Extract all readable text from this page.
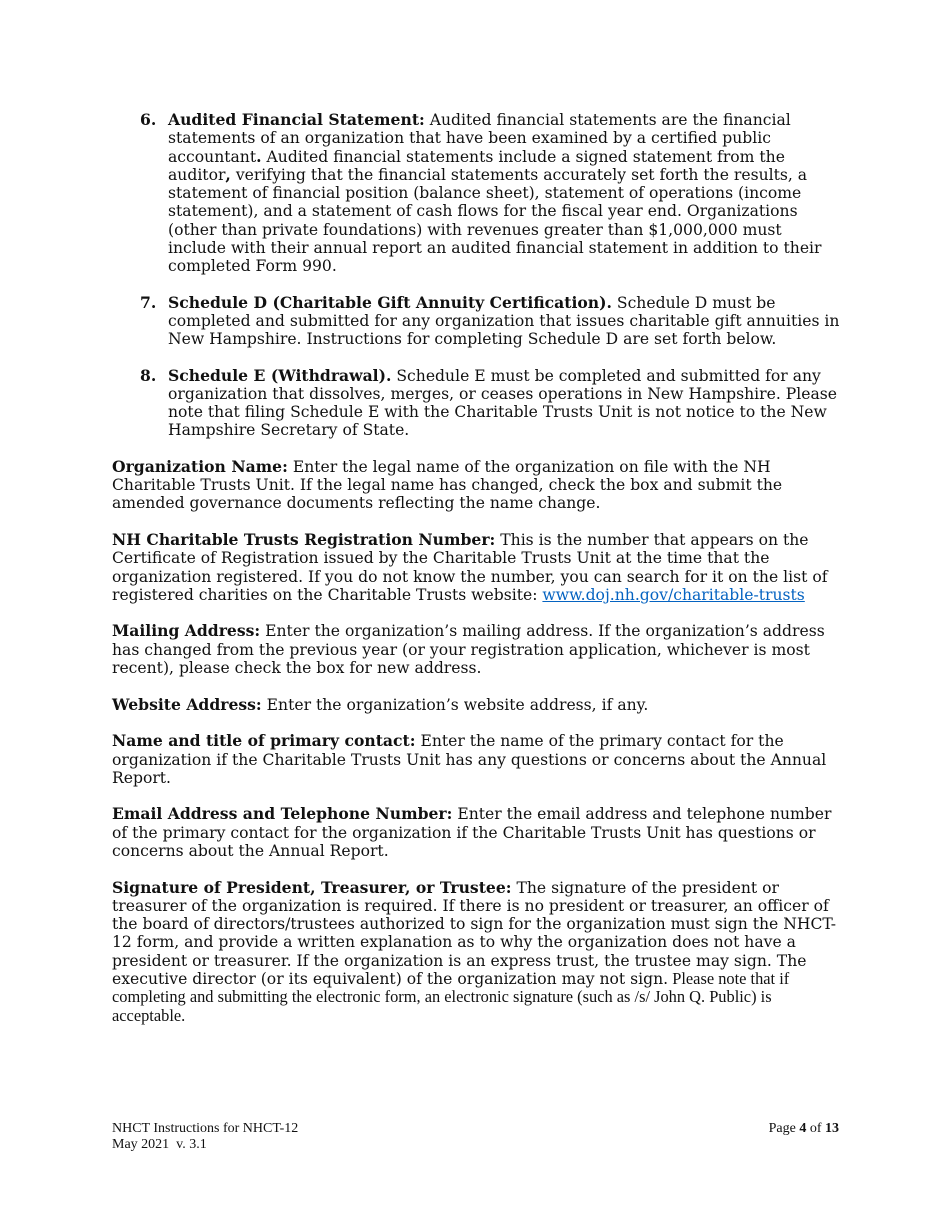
6. Audited Financial Statement: Audited financial statements are the financial statements of an organization that have been examined by a certified public accountant. Audited financial statements include a signed statement from the auditor, verifying that the financial statements accurately set forth the results, a statement of financial position (balance sheet), statement of operations (income statement), and a statement of cash flows for the fiscal year end. Organizations (other than private foundations) with revenues greater than $1,000,000 must include with their annual report an audited financial statement in addition to their completed Form 990.
7. Schedule D (Charitable Gift Annuity Certification). Schedule D must be completed and submitted for any organization that issues charitable gift annuities in New Hampshire. Instructions for completing Schedule D are set forth below.
8. Schedule E (Withdrawal). Schedule E must be completed and submitted for any organization that dissolves, merges, or ceases operations in New Hampshire. Please note that filing Schedule E with the Charitable Trusts Unit is not notice to the New Hampshire Secretary of State.

Organization Name: Enter the legal name of the organization on file with the NH Charitable Trusts Unit. If the legal name has changed, check the box and submit the amended governance documents reflecting the name change.

NH Charitable Trusts Registration Number: This is the number that appears on the Certificate of Registration issued by the Charitable Trusts Unit at the time that the organization registered. If you do not know the number, you can search for it on the list of registered charities on the Charitable Trusts website: www.doj.nh.gov/charitable-trusts

Mailing Address: Enter the organization’s mailing address. If the organization’s address has changed from the previous year (or your registration application, whichever is most recent), please check the box for new address.

Website Address: Enter the organization’s website address, if any.

Name and title of primary contact: Enter the name of the primary contact for the organization if the Charitable Trusts Unit has any questions or concerns about the Annual Report.

Email Address and Telephone Number: Enter the email address and telephone number of the primary contact for the organization if the Charitable Trusts Unit has questions or concerns about the Annual Report.

Signature of President, Treasurer, or Trustee: The signature of the president or treasurer of the organization is required. If there is no president or treasurer, an officer of the board of directors/trustees authorized to sign for the organization must sign the NHCT-12 form, and provide a written explanation as to why the organization does not have a president or treasurer. If the organization is an express trust, the trustee may sign. The executive director (or its equivalent) of the organization may not sign. Please note that if completing and submitting the electronic form, an electronic signature (such as /s/ John Q. Public) is acceptable.

NHCT Instructions for NHCT-12
May 2021  v. 3.1
Page 4 of 13
